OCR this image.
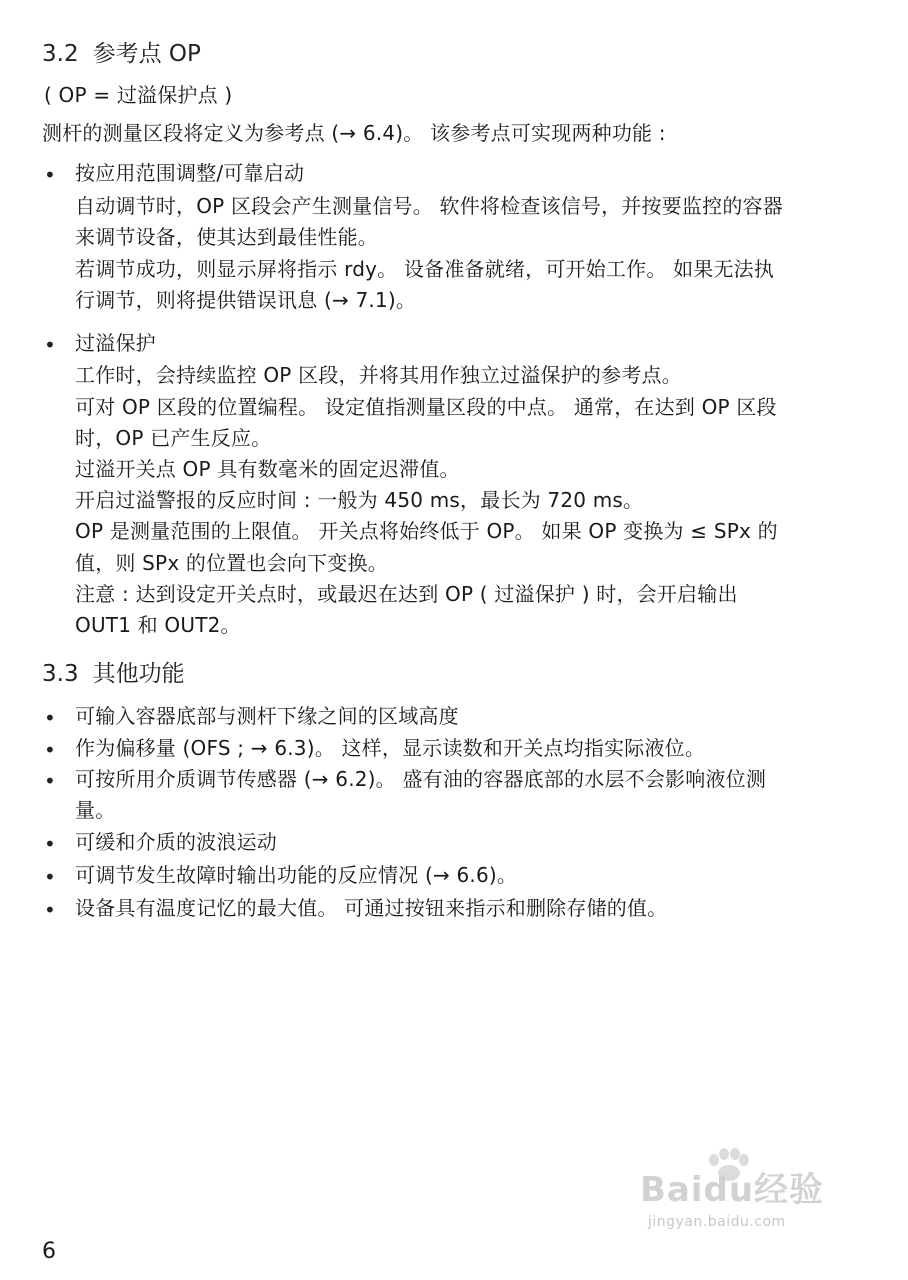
3.2 参考点 OP
( OP = 过溢保护点 )
测杆的测量区段将定义为参考点 (→ 6.4)。 该参考点可实现两种功能 :
• 按应用范围调整/可靠启动
自动调节时，OP 区段会产生测量信号。 软件将检查该信号，并按要监控的容器
来调节设备，使其达到最佳性能。
若调节成功，则显示屏将指示 rdy。 设备准备就绪，可开始工作。 如果无法执
行调节，则将提供错误讯息 (→ 7.1)。
• 过溢保护
工作时，会持续监控 OP 区段，并将其用作独立过溢保护的参考点。
可对 OP 区段的位置编程。 设定值指测量区段的中点。 通常，在达到 OP 区段
时，OP 已产生反应。
过溢开关点 OP 具有数毫米的固定迟滞值。
开启过溢警报的反应时间 : 一般为 450 ms，最长为 720 ms。
OP 是测量范围的上限值。 开关点将始终低于 OP。 如果 OP 变换为 ≤ SPx 的
值，则 SPx 的位置也会向下变换。
注意 : 达到设定开关点时，或最迟在达到 OP ( 过溢保护 ) 时，会开启输出
OUT1 和 OUT2。
3.3 其他功能
• 可输入容器底部与测杆下缘之间的区域高度
• 作为偏移量 (OFS ; → 6.3)。 这样，显示读数和开关点均指实际液位。
• 可按所用介质调节传感器 (→ 6.2)。 盛有油的容器底部的水层不会影响液位测
量。
• 可缓和介质的波浪运动
• 可调节发生故障时输出功能的反应情况 (→ 6.6)。
• 设备具有温度记忆的最大值。 可通过按钮来指示和删除存储的值。
Baidu经验
jingyan.baidu.com
6
